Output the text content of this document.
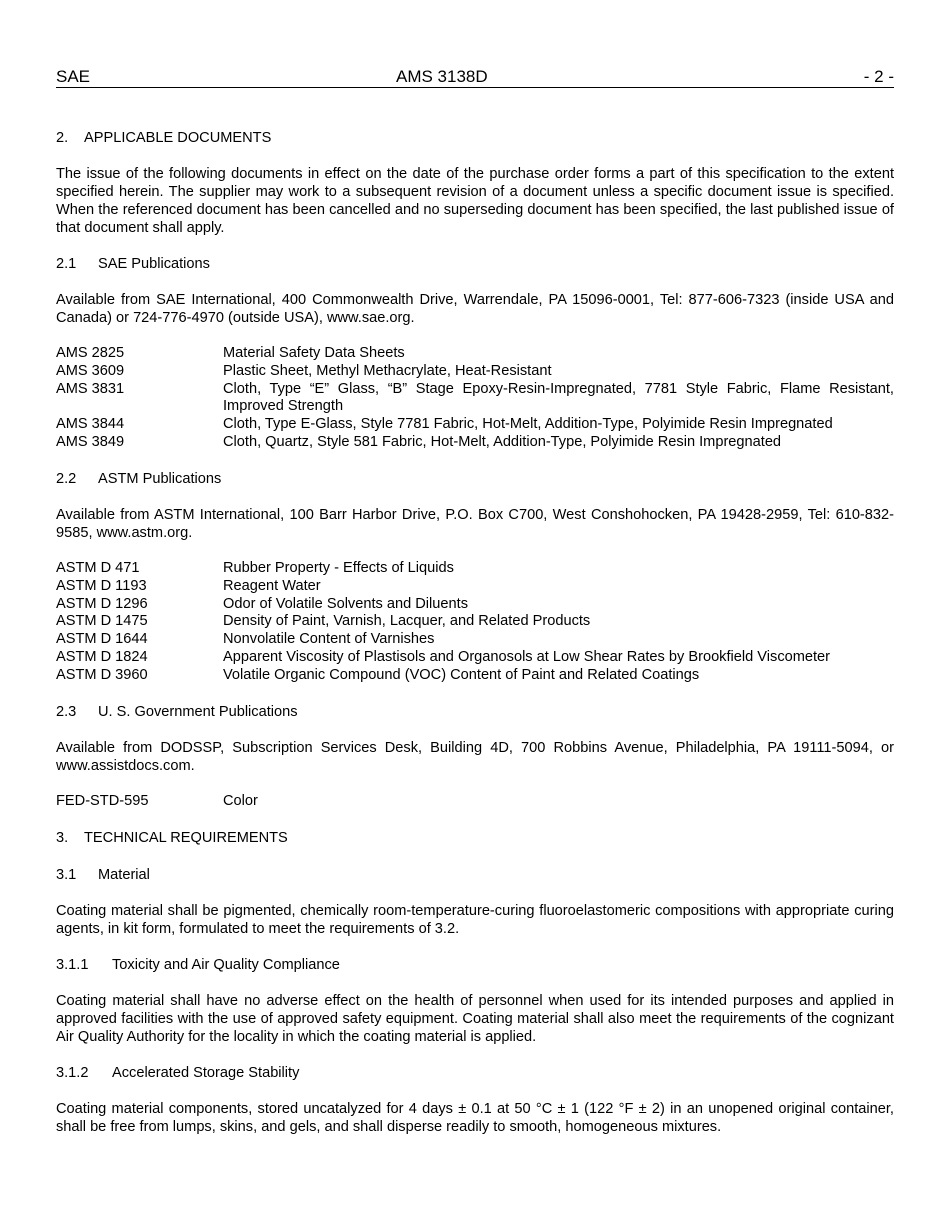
SAE	AMS 3138D	- 2 -
2. APPLICABLE DOCUMENTS
The issue of the following documents in effect on the date of the purchase order forms a part of this specification to the extent specified herein. The supplier may work to a subsequent revision of a document unless a specific document issue is specified. When the referenced document has been cancelled and no superseding document has been specified, the last published issue of that document shall apply.
2.1 SAE Publications
Available from SAE International, 400 Commonwealth Drive, Warrendale, PA 15096-0001, Tel: 877-606-7323 (inside USA and Canada) or 724-776-4970 (outside USA), www.sae.org.
AMS 2825	Material Safety Data Sheets
AMS 3609	Plastic Sheet, Methyl Methacrylate, Heat-Resistant
AMS 3831	Cloth, Type “E” Glass, “B” Stage Epoxy-Resin-Impregnated, 7781 Style Fabric, Flame Resistant, Improved Strength
AMS 3844	Cloth, Type E-Glass, Style 7781 Fabric, Hot-Melt, Addition-Type, Polyimide Resin Impregnated
AMS 3849	Cloth, Quartz, Style 581 Fabric, Hot-Melt, Addition-Type, Polyimide Resin Impregnated
2.2 ASTM Publications
Available from ASTM International, 100 Barr Harbor Drive, P.O. Box C700, West Conshohocken, PA 19428-2959, Tel: 610-832-9585, www.astm.org.
ASTM D 471	Rubber Property - Effects of Liquids
ASTM D 1193	Reagent Water
ASTM D 1296	Odor of Volatile Solvents and Diluents
ASTM D 1475	Density of Paint, Varnish, Lacquer, and Related Products
ASTM D 1644	Nonvolatile Content of Varnishes
ASTM D 1824	Apparent Viscosity of Plastisols and Organosols at Low Shear Rates by Brookfield Viscometer
ASTM D 3960	Volatile Organic Compound (VOC) Content of Paint and Related Coatings
2.3 U. S. Government Publications
Available from DODSSP, Subscription Services Desk, Building 4D, 700 Robbins Avenue, Philadelphia, PA 19111-5094, or www.assistdocs.com.
FED-STD-595	Color
3. TECHNICAL REQUIREMENTS
3.1 Material
Coating material shall be pigmented, chemically room-temperature-curing fluoroelastomeric compositions with appropriate curing agents, in kit form, formulated to meet the requirements of 3.2.
3.1.1 Toxicity and Air Quality Compliance
Coating material shall have no adverse effect on the health of personnel when used for its intended purposes and applied in approved facilities with the use of approved safety equipment. Coating material shall also meet the requirements of the cognizant Air Quality Authority for the locality in which the coating material is applied.
3.1.2 Accelerated Storage Stability
Coating material components, stored uncatalyzed for 4 days ± 0.1 at 50 °C ± 1 (122 °F ± 2) in an unopened original container, shall be free from lumps, skins, and gels, and shall disperse readily to smooth, homogeneous mixtures.
